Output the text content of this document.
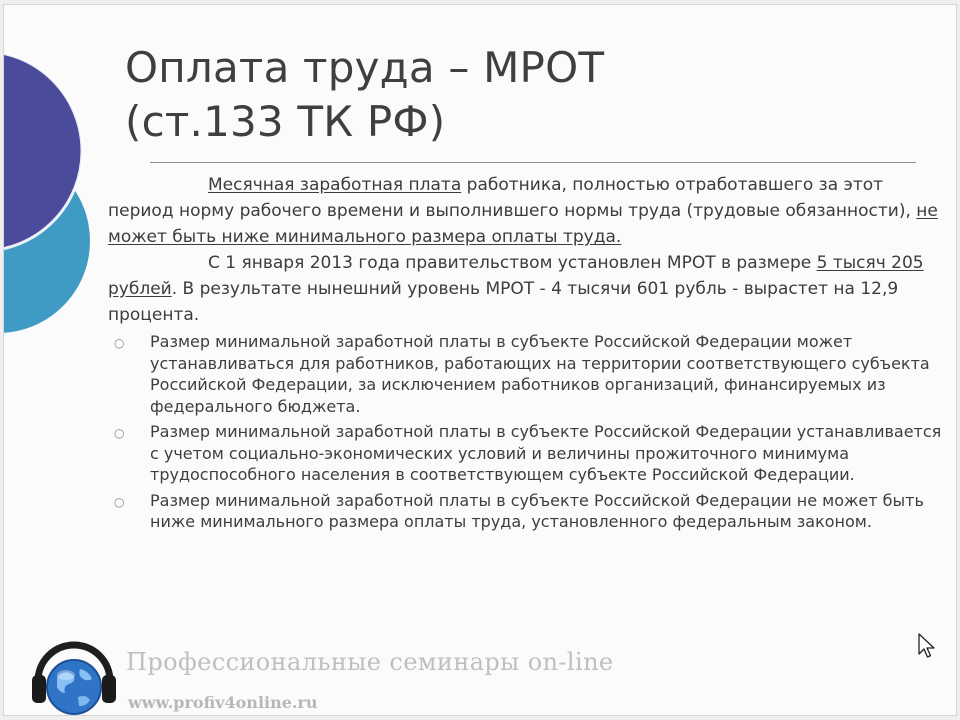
Оплата труда – МРОТ
(ст.133 ТК РФ)

Месячная заработная плата работника, полностью отработавшего за этот период норму рабочего времени и выполнившего нормы труда (трудовые обязанности), не может быть ниже минимального размера оплаты труда.

С 1 января 2013 года правительством установлен МРОТ в размере 5 тысяч 205 рублей. В результате нынешний уровень МРОТ - 4 тысячи 601 рубль - вырастет на 12,9 процента.

○ Размер минимальной заработной платы в субъекте Российской Федерации может устанавливаться для работников, работающих на территории соответствующего субъекта Российской Федерации, за исключением работников организаций, финансируемых из федерального бюджета.
○ Размер минимальной заработной платы в субъекте Российской Федерации устанавливается с учетом социально-экономических условий и величины прожиточного минимума трудоспособного населения в соответствующем субъекте Российской Федерации.
○ Размер минимальной заработной платы в субъекте Российской Федерации не может быть ниже минимального размера оплаты труда, установленного федеральным законом.
Профессиональные семинары on-line
www.profiv4online.ru
